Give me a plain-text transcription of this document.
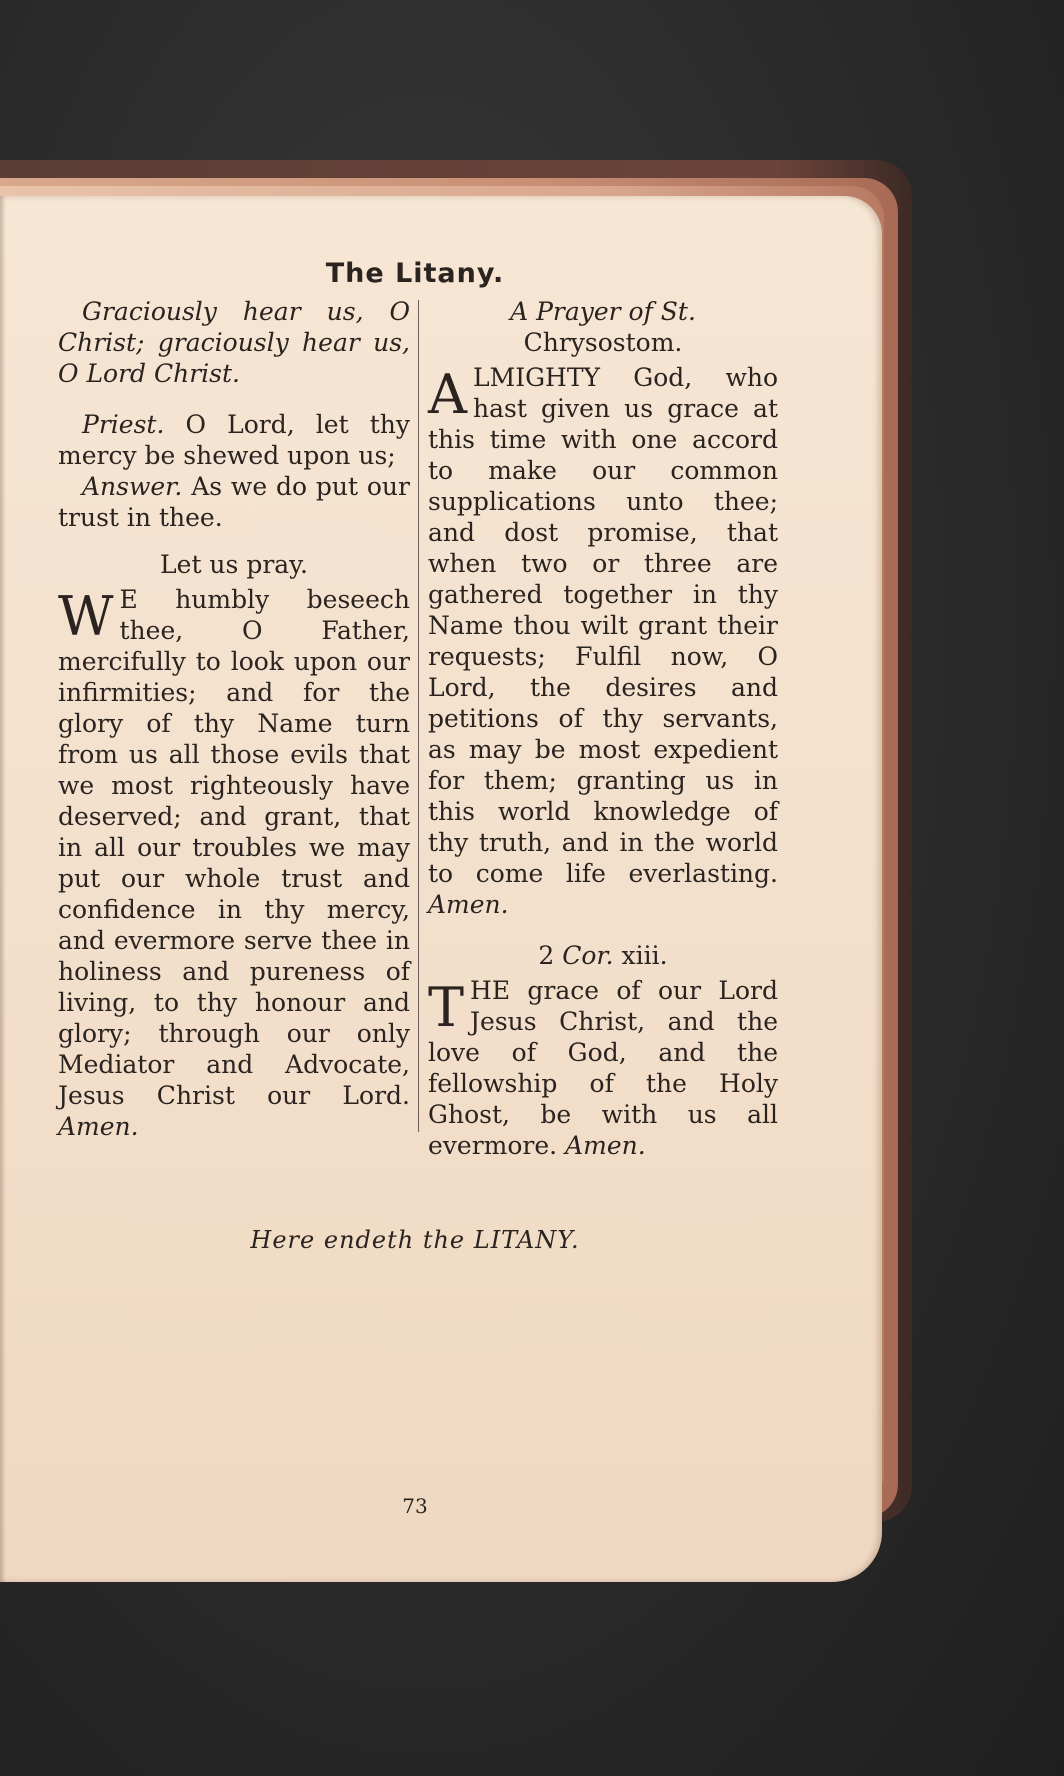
The Litany.

Graciously hear us, O Christ; graciously hear us, O Lord Christ.

Priest. O Lord, let thy mercy be shewed upon us;

Answer. As we do put our trust in thee.

Let us pray.

W E humbly beseech thee, O Father, mercifully to look upon our infirmities; and for the glory of thy Name turn from us all those evils that we most righteously have deserved; and grant, that in all our troubles we may put our whole trust and confidence in thy mercy, and evermore serve thee in holiness and pureness of living, to thy honour and glory; through our only Mediator and Advocate, Jesus Christ our Lord. Amen.

A Prayer of St. Chrysostom.

ALMIGHTY God, who hast given us grace at this time with one accord to make our common supplications unto thee; and dost promise, that when two or three are gathered together in thy Name thou wilt grant their requests; Fulfil now, O Lord, the desires and petitions of thy servants, as may be most expedient for them; granting us in this world knowledge of thy truth, and in the world to come life everlasting. Amen.

2 Cor. xiii.

THE grace of our Lord Jesus Christ, and the love of God, and the fellowship of the Holy Ghost, be with us all evermore. Amen.
Here endeth the LITANY.
73
